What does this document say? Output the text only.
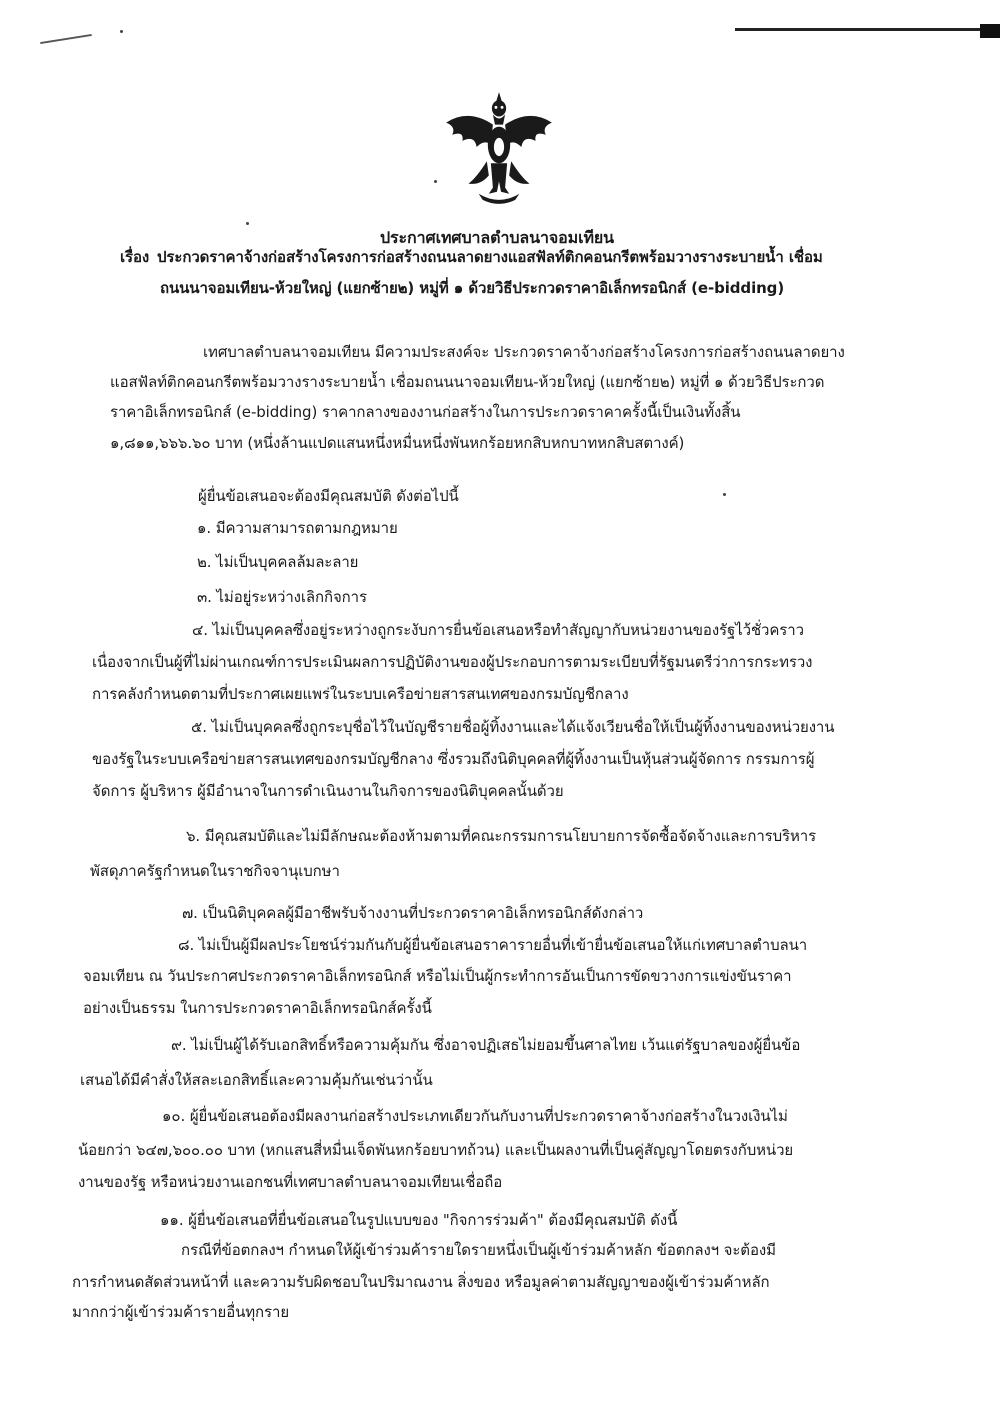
ประกาศเทศบาลตำบลนาจอมเทียน
เรื่อง ประกวดราคาจ้างก่อสร้างโครงการก่อสร้างถนนลาดยางแอสฟัลท์ติกคอนกรีตพร้อมวางรางระบายน้ำ เชื่อม
ถนนนาจอมเทียน-ห้วยใหญ่ (แยกซ้าย๒) หมู่ที่ ๑ ด้วยวิธีประกวดราคาอิเล็กทรอนิกส์ (e-bidding)
เทศบาลตำบลนาจอมเทียน มีความประสงค์จะ ประกวดราคาจ้างก่อสร้างโครงการก่อสร้างถนนลาดยาง
แอสฟัลท์ติกคอนกรีตพร้อมวางรางระบายน้ำ เชื่อมถนนนาจอมเทียน-ห้วยใหญ่ (แยกซ้าย๒) หมู่ที่ ๑ ด้วยวิธีประกวด
ราคาอิเล็กทรอนิกส์ (e-bidding) ราคากลางของงานก่อสร้างในการประกวดราคาครั้งนี้เป็นเงินทั้งสิ้น
๑,๘๑๑,๖๖๖.๖๐ บาท (หนึ่งล้านแปดแสนหนึ่งหมื่นหนึ่งพันหกร้อยหกสิบหกบาทหกสิบสตางค์)
ผู้ยื่นข้อเสนอจะต้องมีคุณสมบัติ ดังต่อไปนี้
๑. มีความสามารถตามกฎหมาย
๒. ไม่เป็นบุคคลล้มละลาย
๓. ไม่อยู่ระหว่างเลิกกิจการ
๔. ไม่เป็นบุคคลซึ่งอยู่ระหว่างถูกระงับการยื่นข้อเสนอหรือทำสัญญากับหน่วยงานของรัฐไว้ชั่วคราว
เนื่องจากเป็นผู้ที่ไม่ผ่านเกณฑ์การประเมินผลการปฏิบัติงานของผู้ประกอบการตามระเบียบที่รัฐมนตรีว่าการกระทรวง
การคลังกำหนดตามที่ประกาศเผยแพร่ในระบบเครือข่ายสารสนเทศของกรมบัญชีกลาง
๕. ไม่เป็นบุคคลซึ่งถูกระบุชื่อไว้ในบัญชีรายชื่อผู้ทิ้งงานและได้แจ้งเวียนชื่อให้เป็นผู้ทิ้งงานของหน่วยงาน
ของรัฐในระบบเครือข่ายสารสนเทศของกรมบัญชีกลาง ซึ่งรวมถึงนิติบุคคลที่ผู้ทิ้งงานเป็นหุ้นส่วนผู้จัดการ กรรมการผู้
จัดการ ผู้บริหาร ผู้มีอำนาจในการดำเนินงานในกิจการของนิติบุคคลนั้นด้วย
๖. มีคุณสมบัติและไม่มีลักษณะต้องห้ามตามที่คณะกรรมการนโยบายการจัดซื้อจัดจ้างและการบริหาร
พัสดุภาครัฐกำหนดในราชกิจจานุเบกษา
๗. เป็นนิติบุคคลผู้มีอาชีพรับจ้างงานที่ประกวดราคาอิเล็กทรอนิกส์ดังกล่าว
๘. ไม่เป็นผู้มีผลประโยชน์ร่วมกันกับผู้ยื่นข้อเสนอราคารายอื่นที่เข้ายื่นข้อเสนอให้แก่เทศบาลตำบลนา
จอมเทียน ณ วันประกาศประกวดราคาอิเล็กทรอนิกส์ หรือไม่เป็นผู้กระทำการอันเป็นการขัดขวางการแข่งขันราคา
อย่างเป็นธรรม ในการประกวดราคาอิเล็กทรอนิกส์ครั้งนี้
๙. ไม่เป็นผู้ได้รับเอกสิทธิ์หรือความคุ้มกัน ซึ่งอาจปฏิเสธไม่ยอมขึ้นศาลไทย เว้นแต่รัฐบาลของผู้ยื่นข้อ
เสนอได้มีคำสั่งให้สละเอกสิทธิ์และความคุ้มกันเช่นว่านั้น
๑๐. ผู้ยื่นข้อเสนอต้องมีผลงานก่อสร้างประเภทเดียวกันกับงานที่ประกวดราคาจ้างก่อสร้างในวงเงินไม่
น้อยกว่า ๖๔๗,๖๐๐.๐๐ บาท (หกแสนสี่หมื่นเจ็ดพันหกร้อยบาทถ้วน) และเป็นผลงานที่เป็นคู่สัญญาโดยตรงกับหน่วย
งานของรัฐ หรือหน่วยงานเอกชนที่เทศบาลตำบลนาจอมเทียนเชื่อถือ
๑๑. ผู้ยื่นข้อเสนอที่ยื่นข้อเสนอในรูปแบบของ "กิจการร่วมค้า" ต้องมีคุณสมบัติ ดังนี้
กรณีที่ข้อตกลงฯ กำหนดให้ผู้เข้าร่วมค้ารายใดรายหนึ่งเป็นผู้เข้าร่วมค้าหลัก ข้อตกลงฯ จะต้องมี
การกำหนดสัดส่วนหน้าที่ และความรับผิดชอบในปริมาณงาน สิ่งของ หรือมูลค่าตามสัญญาของผู้เข้าร่วมค้าหลัก
มากกว่าผู้เข้าร่วมค้ารายอื่นทุกราย
